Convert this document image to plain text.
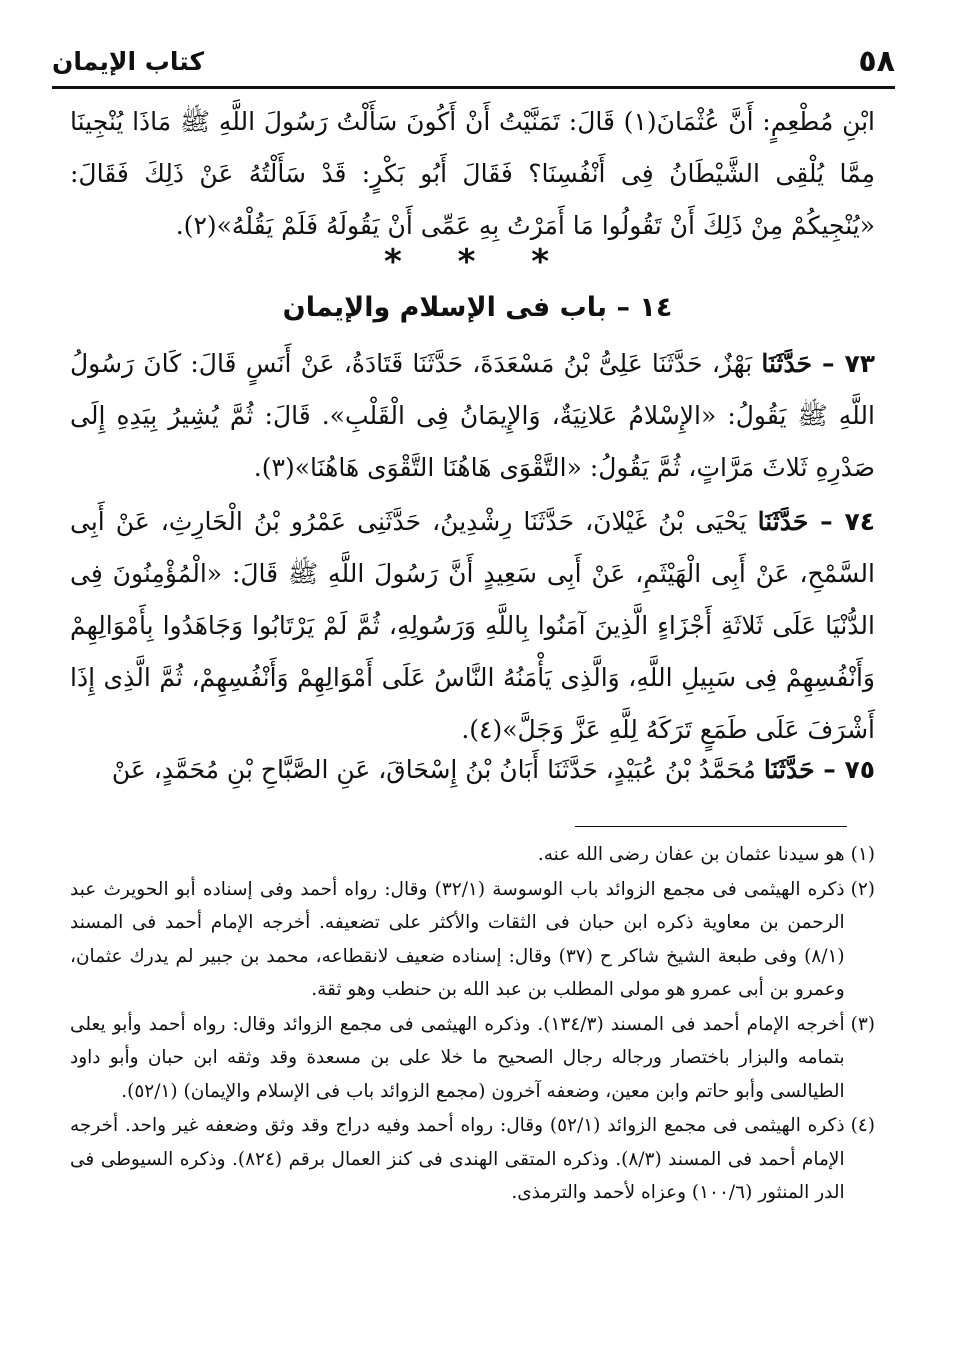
٥٨
كتاب الإيمان

ابْنِ مُطْعِمٍ: أَنَّ عُثْمَانَ(١) قَالَ: تَمَنَّيْتُ أَنْ أَكُونَ سَأَلْتُ رَسُولَ اللَّهِ ﷺ مَاذَا يُنْجِينَا مِمَّا يُلْقِى الشَّيْطَانُ فِى أَنْفُسِنَا؟ فَقَالَ أَبُو بَكْرٍ: قَدْ سَأَلْتُهُ عَنْ ذَلِكَ فَقَالَ: «يُنْجِيكُمْ مِنْ ذَلِكَ أَنْ تَقُولُوا مَا أَمَرْتُ بِهِ عَمِّى أَنْ يَقُولَهُ فَلَمْ يَقُلْهُ»(٢).

* * *
١٤ – باب فى الإسلام والإيمان

٧٣ – حَدَّثَنَا بَهْزٌ، حَدَّثَنَا عَلِىُّ بْنُ مَسْعَدَةَ، حَدَّثَنَا قَتَادَةُ، عَنْ أَنَسٍ قَالَ: كَانَ رَسُولُ اللَّهِ ﷺ يَقُولُ: «الإِسْلامُ عَلانِيَةٌ، وَالإِيمَانُ فِى الْقَلْبِ». قَالَ: ثُمَّ يُشِيرُ بِيَدِهِ إِلَى صَدْرِهِ ثَلاثَ مَرَّاتٍ، ثُمَّ يَقُولُ: «التَّقْوَى هَاهُنَا التَّقْوَى هَاهُنَا»(٣).

٧٤ – حَدَّثَنَا يَحْيَى بْنُ غَيْلانَ، حَدَّثَنَا رِشْدِينُ، حَدَّثَنِى عَمْرُو بْنُ الْحَارِثِ، عَنْ أَبِى السَّمْحِ، عَنْ أَبِى الْهَيْثَمِ، عَنْ أَبِى سَعِيدٍ أَنَّ رَسُولَ اللَّهِ ﷺ قَالَ: «الْمُؤْمِنُونَ فِى الدُّنْيَا عَلَى ثَلاثَةِ أَجْزَاءٍ الَّذِينَ آمَنُوا بِاللَّهِ وَرَسُولِهِ، ثُمَّ لَمْ يَرْتَابُوا وَجَاهَدُوا بِأَمْوَالِهِمْ وَأَنْفُسِهِمْ فِى سَبِيلِ اللَّهِ، وَالَّذِى يَأْمَنُهُ النَّاسُ عَلَى أَمْوَالِهِمْ وَأَنْفُسِهِمْ، ثُمَّ الَّذِى إِذَا أَشْرَفَ عَلَى طَمَعٍ تَرَكَهُ لِلَّهِ عَزَّ وَجَلَّ»(٤).

٧٥ – حَدَّثَنَا مُحَمَّدُ بْنُ عُبَيْدٍ، حَدَّثَنَا أَبَانُ بْنُ إِسْحَاقَ، عَنِ الصَّبَّاحِ بْنِ مُحَمَّدٍ، عَنْ

(١)
هو سيدنا عثمان بن عفان رضى الله عنه.
(٢)
ذكره الهيثمى فى مجمع الزوائد باب الوسوسة (٣٢/١) وقال: رواه أحمد وفى إسناده أبو الحويرث عبد الرحمن بن معاوية ذكره ابن حبان فى الثقات والأكثر على تضعيفه. أخرجه الإمام أحمد فى المسند (٨/١) وفى طبعة الشيخ شاكر ح (٣٧) وقال: إسناده ضعيف لانقطاعه، محمد بن جبير لم يدرك عثمان، وعمرو بن أبى عمرو هو مولى المطلب بن عبد الله بن حنطب وهو ثقة.
(٣)
أخرجه الإمام أحمد فى المسند (١٣٤/٣). وذكره الهيثمى فى مجمع الزوائد وقال: رواه أحمد وأبو يعلى بتمامه والبزار باختصار ورجاله رجال الصحيح ما خلا على بن مسعدة وقد وثقه ابن حبان وأبو داود الطيالسى وأبو حاتم وابن معين، وضعفه آخرون (مجمع الزوائد باب فى الإسلام والإيمان) (٥٢/١).
(٤)
ذكره الهيثمى فى مجمع الزوائد (٥٢/١) وقال: رواه أحمد وفيه دراج وقد وثق وضعفه غير واحد. أخرجه الإمام أحمد فى المسند (٨/٣). وذكره المتقى الهندى فى كنز العمال برقم (٨٢٤). وذكره السيوطى فى الدر المنثور (١٠٠/٦) وعزاه لأحمد والترمذى.
